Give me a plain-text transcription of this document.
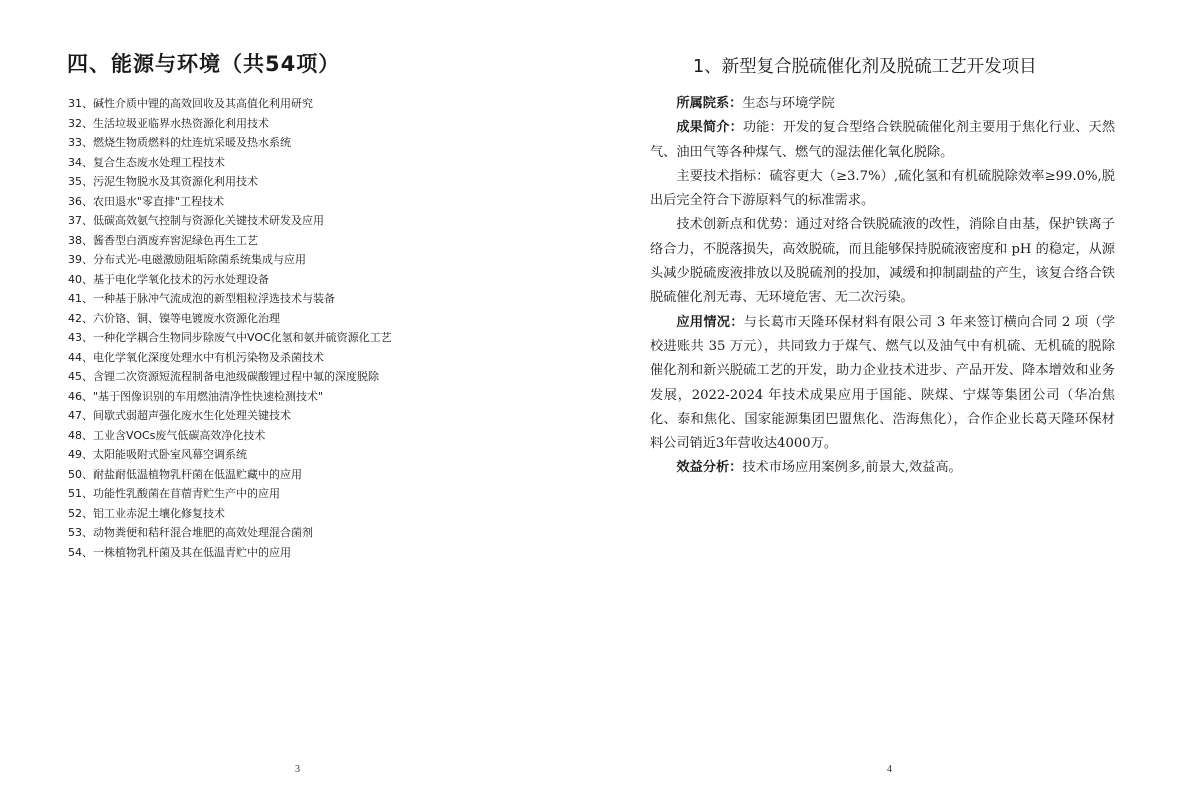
四、能源与环境（共54项）
31、碱性介质中锂的高效回收及其高值化利用研究
32、生活垃圾亚临界水热资源化利用技术
33、燃烧生物质燃料的灶连炕采暖及热水系统
34、复合生态废水处理工程技术
35、污泥生物脱水及其资源化利用技术
36、农田退水"零直排"工程技术
37、低碳高效氨气控制与资源化关键技术研发及应用
38、酱香型白酒废弃窖泥绿色再生工艺
39、分布式光-电磁激励阻垢除菌系统集成与应用
40、基于电化学氧化技术的污水处理设备
41、一种基于脉冲气流成泡的新型粗粒浮选技术与装备
42、六价铬、铜、镍等电镀废水资源化治理
43、一种化学耦合生物同步除废气中VOC化氢和氨并硫资源化工艺
44、电化学氧化深度处理水中有机污染物及杀菌技术
45、含锂二次资源短流程制备电池级碳酸锂过程中氟的深度脱除
46、"基于图像识别的车用燃油清净性快速检测技术"
47、间歇式弱超声强化废水生化处理关键技术
48、工业含VOCs废气低碳高效净化技术
49、太阳能吸附式卧室风幕空调系统
50、耐盐耐低温植物乳杆菌在低温贮藏中的应用
51、功能性乳酸菌在苜蓿青贮生产中的应用
52、铝工业赤泥土壤化修复技术
53、动物粪便和秸秆混合堆肥的高效处理混合菌剂
54、一株植物乳杆菌及其在低温青贮中的应用
3
1、新型复合脱硫催化剂及脱硫工艺开发项目

所属院系：生态与环境学院

成果简介：功能：开发的复合型络合铁脱硫催化剂主要用于焦化行业、天然气、油田气等各种煤气、燃气的湿法催化氧化脱除。

主要技术指标：硫容更大（≥3.7%）,硫化氢和有机硫脱除效率≥99.0%,脱出后完全符合下游原料气的标准需求。

技术创新点和优势：通过对络合铁脱硫液的改性，消除自由基，保护铁离子络合力，不脱落损失，高效脱硫，而且能够保持脱硫液密度和 pH 的稳定，从源头减少脱硫废液排放以及脱硫剂的投加，减缓和抑制副盐的产生，该复合络合铁脱硫催化剂无毒、无环境危害、无二次污染。

应用情况：与长葛市天隆环保材料有限公司 3 年来签订横向合同 2 项（学校进账共 35 万元），共同致力于煤气、燃气以及油气中有机硫、无机硫的脱除催化剂和新兴脱硫工艺的开发，助力企业技术进步、产品开发、降本增效和业务发展，2022-2024 年技术成果应用于国能、陕煤、宁煤等集团公司（华冶焦化、泰和焦化、国家能源集团巴盟焦化、浩海焦化），合作企业长葛天隆环保材料公司销近3年营收达4000万。

效益分析：技术市场应用案例多,前景大,效益高。

4
